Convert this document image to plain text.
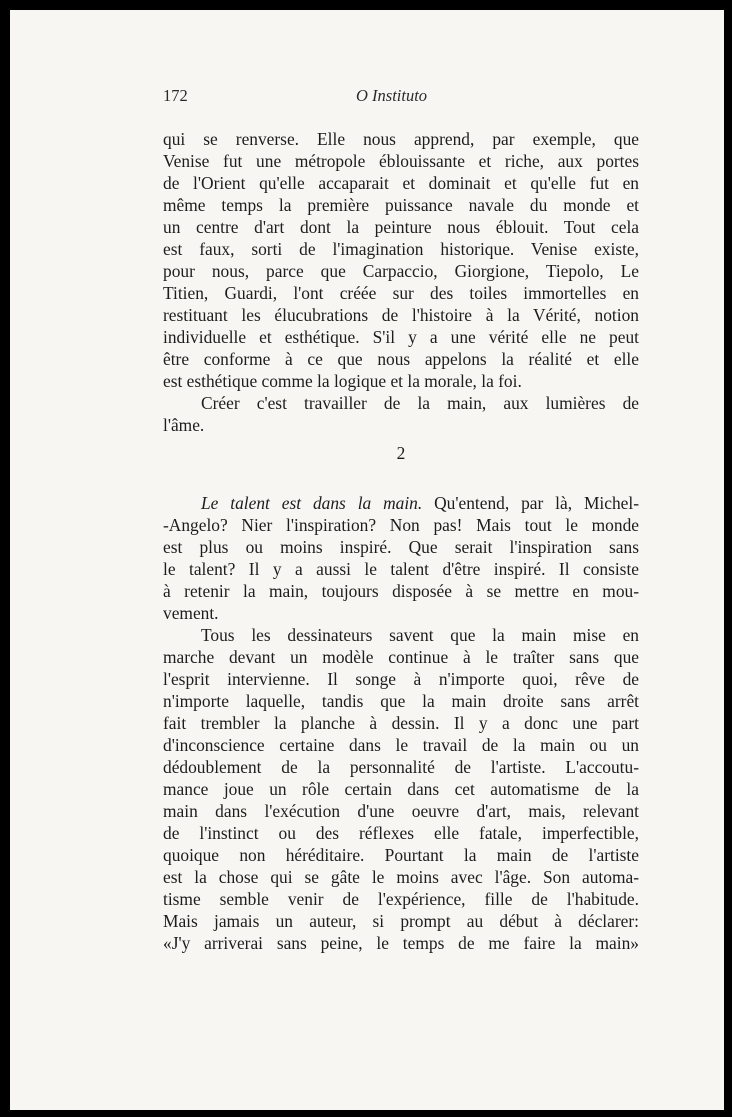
172	O Instituto

qui se renverse. Elle nous apprend, par exemple, que

Venise fut une métropole éblouissante et riche, aux portes

de l'Orient qu'elle accaparait et dominait et qu'elle fut en

même temps la première puissance navale du monde et

un centre d'art dont la peinture nous éblouit. Tout cela

est faux, sorti de l'imagination historique. Venise existe,

pour nous, parce que Carpaccio, Giorgione, Tiepolo, Le

Titien, Guardi, l'ont créée sur des toiles immortelles en

restituant les élucubrations de l'histoire à la Vérité, notion

individuelle et esthétique. S'il y a une vérité elle ne peut

être conforme à ce que nous appelons la réalité et elle

est esthétique comme la logique et la morale, la foi.

Créer c'est travailler de la main, aux lumières de

l'âme.

2

Le talent est dans la main. Qu'entend, par là, Michel-

-Angelo? Nier l'inspiration? Non pas! Mais tout le monde

est plus ou moins inspiré. Que serait l'inspiration sans

le talent? Il y a aussi le talent d'être inspiré. Il consiste

à retenir la main, toujours disposée à se mettre en mou-

vement.

Tous les dessinateurs savent que la main mise en

marche devant un modèle continue à le traîter sans que

l'esprit intervienne. Il songe à n'importe quoi, rêve de

n'importe laquelle, tandis que la main droite sans arrêt

fait trembler la planche à dessin. Il y a donc une part

d'inconscience certaine dans le travail de la main ou un

dédoublement de la personnalité de l'artiste. L'accoutu-

mance joue un rôle certain dans cet automatisme de la

main dans l'exécution d'une oeuvre d'art, mais, relevant

de l'instinct ou des réflexes elle fatale, imperfectible,

quoique non héréditaire. Pourtant la main de l'artiste

est la chose qui se gâte le moins avec l'âge. Son automa-

tisme semble venir de l'expérience, fille de l'habitude.

Mais jamais un auteur, si prompt au début à déclarer:

«J'y arriverai sans peine, le temps de me faire la main»
